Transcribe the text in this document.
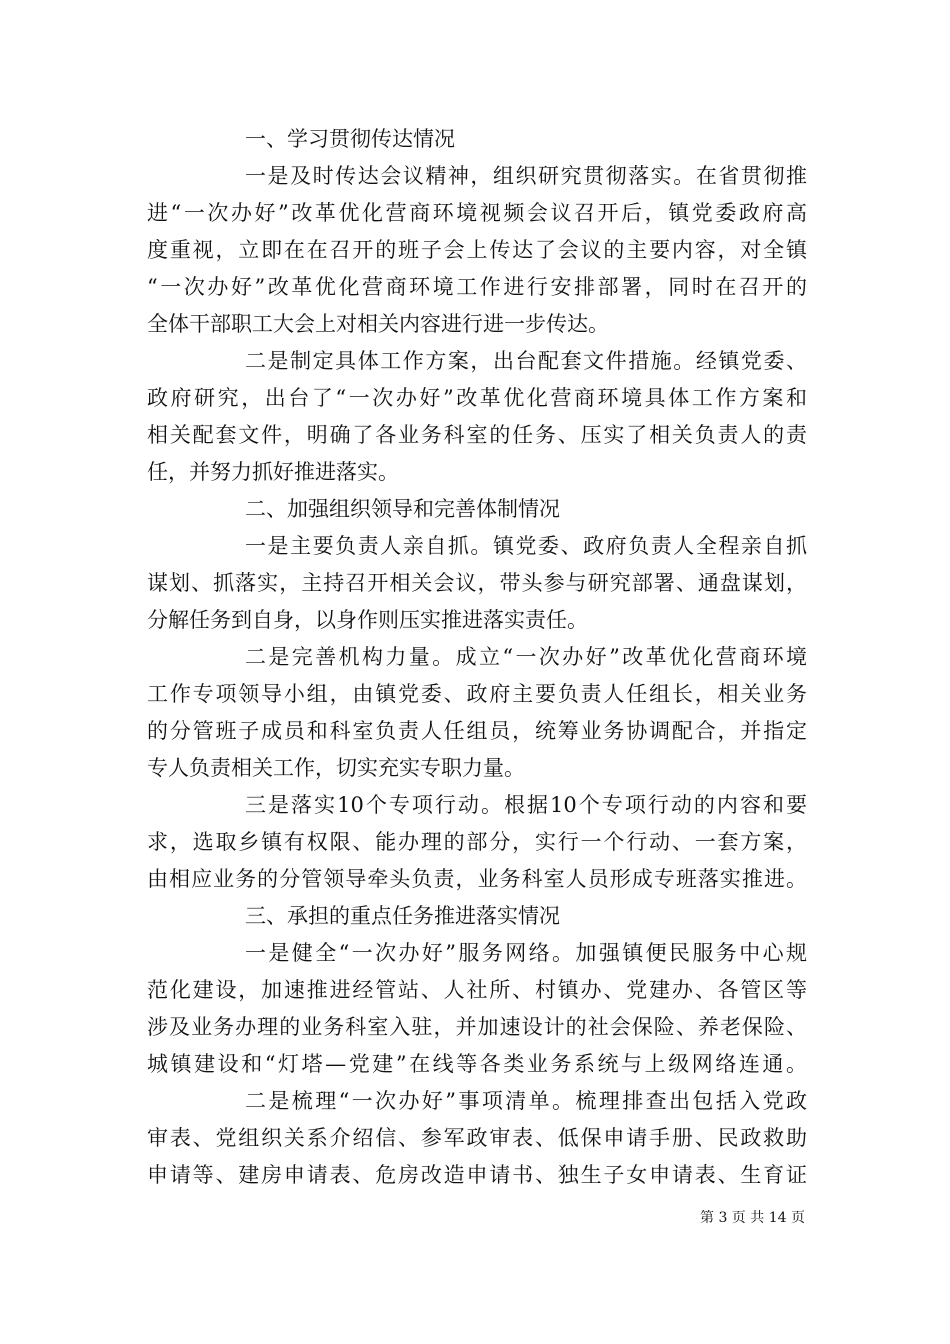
一、学习贯彻传达情况
一是及时传达会议精神，组织研究贯彻落实。在省贯彻推
进“一次办好”改革优化营商环境视频会议召开后，镇党委政府高
度重视，立即在在召开的班子会上传达了会议的主要内容，对全镇
“一次办好”改革优化营商环境工作进行安排部署，同时在召开的
全体干部职工大会上对相关内容进行进一步传达。
二是制定具体工作方案，出台配套文件措施。经镇党委、
政府研究，出台了“一次办好”改革优化营商环境具体工作方案和
相关配套文件，明确了各业务科室的任务、压实了相关负责人的责
任，并努力抓好推进落实。
二、加强组织领导和完善体制情况
一是主要负责人亲自抓。镇党委、政府负责人全程亲自抓
谋划、抓落实，主持召开相关会议，带头参与研究部署、通盘谋划，
分解任务到自身，以身作则压实推进落实责任。
二是完善机构力量。成立“一次办好”改革优化营商环境
工作专项领导小组，由镇党委、政府主要负责人任组长，相关业务
的分管班子成员和科室负责人任组员，统筹业务协调配合，并指定
专人负责相关工作，切实充实专职力量。
三是落实10个专项行动。根据10个专项行动的内容和要
求，选取乡镇有权限、能办理的部分，实行一个行动、一套方案，
由相应业务的分管领导牵头负责，业务科室人员形成专班落实推进。
三、承担的重点任务推进落实情况
一是健全“一次办好”服务网络。加强镇便民服务中心规
范化建设，加速推进经管站、人社所、村镇办、党建办、各管区等
涉及业务办理的业务科室入驻，并加速设计的社会保险、养老保险、
城镇建设和“灯塔—党建”在线等各类业务系统与上级网络连通。
二是梳理“一次办好”事项清单。梳理排查出包括入党政
审表、党组织关系介绍信、参军政审表、低保申请手册、民政救助
申请等、建房申请表、危房改造申请书、独生子女申请表、生育证
第 3 页 共 14 页
